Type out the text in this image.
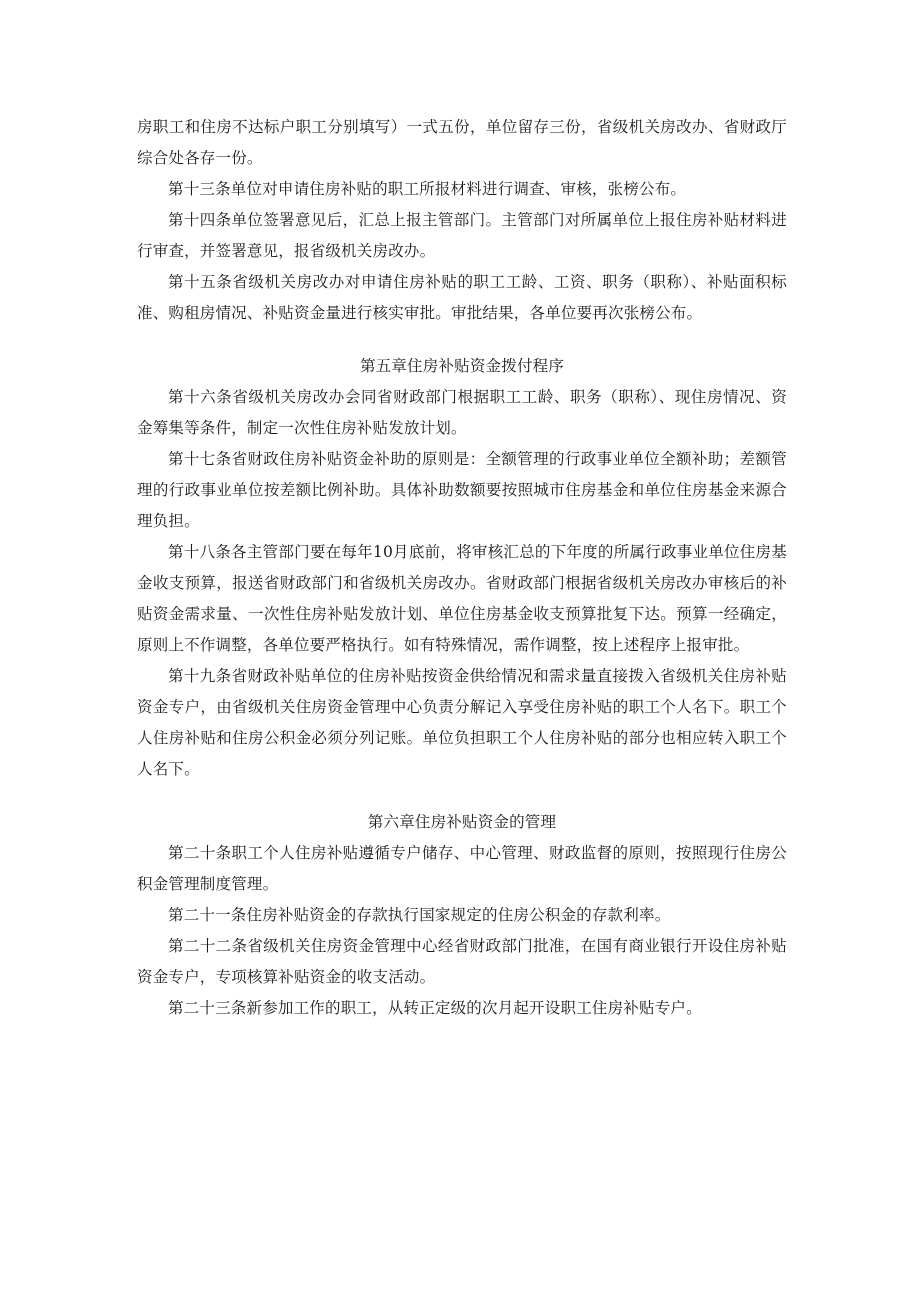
房职工和住房不达标户职工分别填写）一式五份，单位留存三份，省级机关房改办、省财政厅综合处各存一份。

第十三条单位对申请住房补贴的职工所报材料进行调查、审核，张榜公布。

第十四条单位签署意见后，汇总上报主管部门。主管部门对所属单位上报住房补贴材料进行审查，并签署意见，报省级机关房改办。

第十五条省级机关房改办对申请住房补贴的职工工龄、工资、职务（职称）、补贴面积标准、购租房情况、补贴资金量进行核实审批。审批结果，各单位要再次张榜公布。

第五章住房补贴资金拨付程序

第十六条省级机关房改办会同省财政部门根据职工工龄、职务（职称）、现住房情况、资金筹集等条件，制定一次性住房补贴发放计划。

第十七条省财政住房补贴资金补助的原则是：全额管理的行政事业单位全额补助；差额管理的行政事业单位按差额比例补助。具体补助数额要按照城市住房基金和单位住房基金来源合理负担。

第十八条各主管部门要在每年10月底前，将审核汇总的下年度的所属行政事业单位住房基金收支预算，报送省财政部门和省级机关房改办。省财政部门根据省级机关房改办审核后的补贴资金需求量、一次性住房补贴发放计划、单位住房基金收支预算批复下达。预算一经确定，原则上不作调整，各单位要严格执行。如有特殊情况，需作调整，按上述程序上报审批。

第十九条省财政补贴单位的住房补贴按资金供给情况和需求量直接拨入省级机关住房补贴资金专户，由省级机关住房资金管理中心负责分解记入享受住房补贴的职工个人名下。职工个人住房补贴和住房公积金必须分列记账。单位负担职工个人住房补贴的部分也相应转入职工个人名下。

第六章住房补贴资金的管理

第二十条职工个人住房补贴遵循专户储存、中心管理、财政监督的原则，按照现行住房公积金管理制度管理。

第二十一条住房补贴资金的存款执行国家规定的住房公积金的存款利率。

第二十二条省级机关住房资金管理中心经省财政部门批准，在国有商业银行开设住房补贴资金专户，专项核算补贴资金的收支活动。

第二十三条新参加工作的职工，从转正定级的次月起开设职工住房补贴专户。
